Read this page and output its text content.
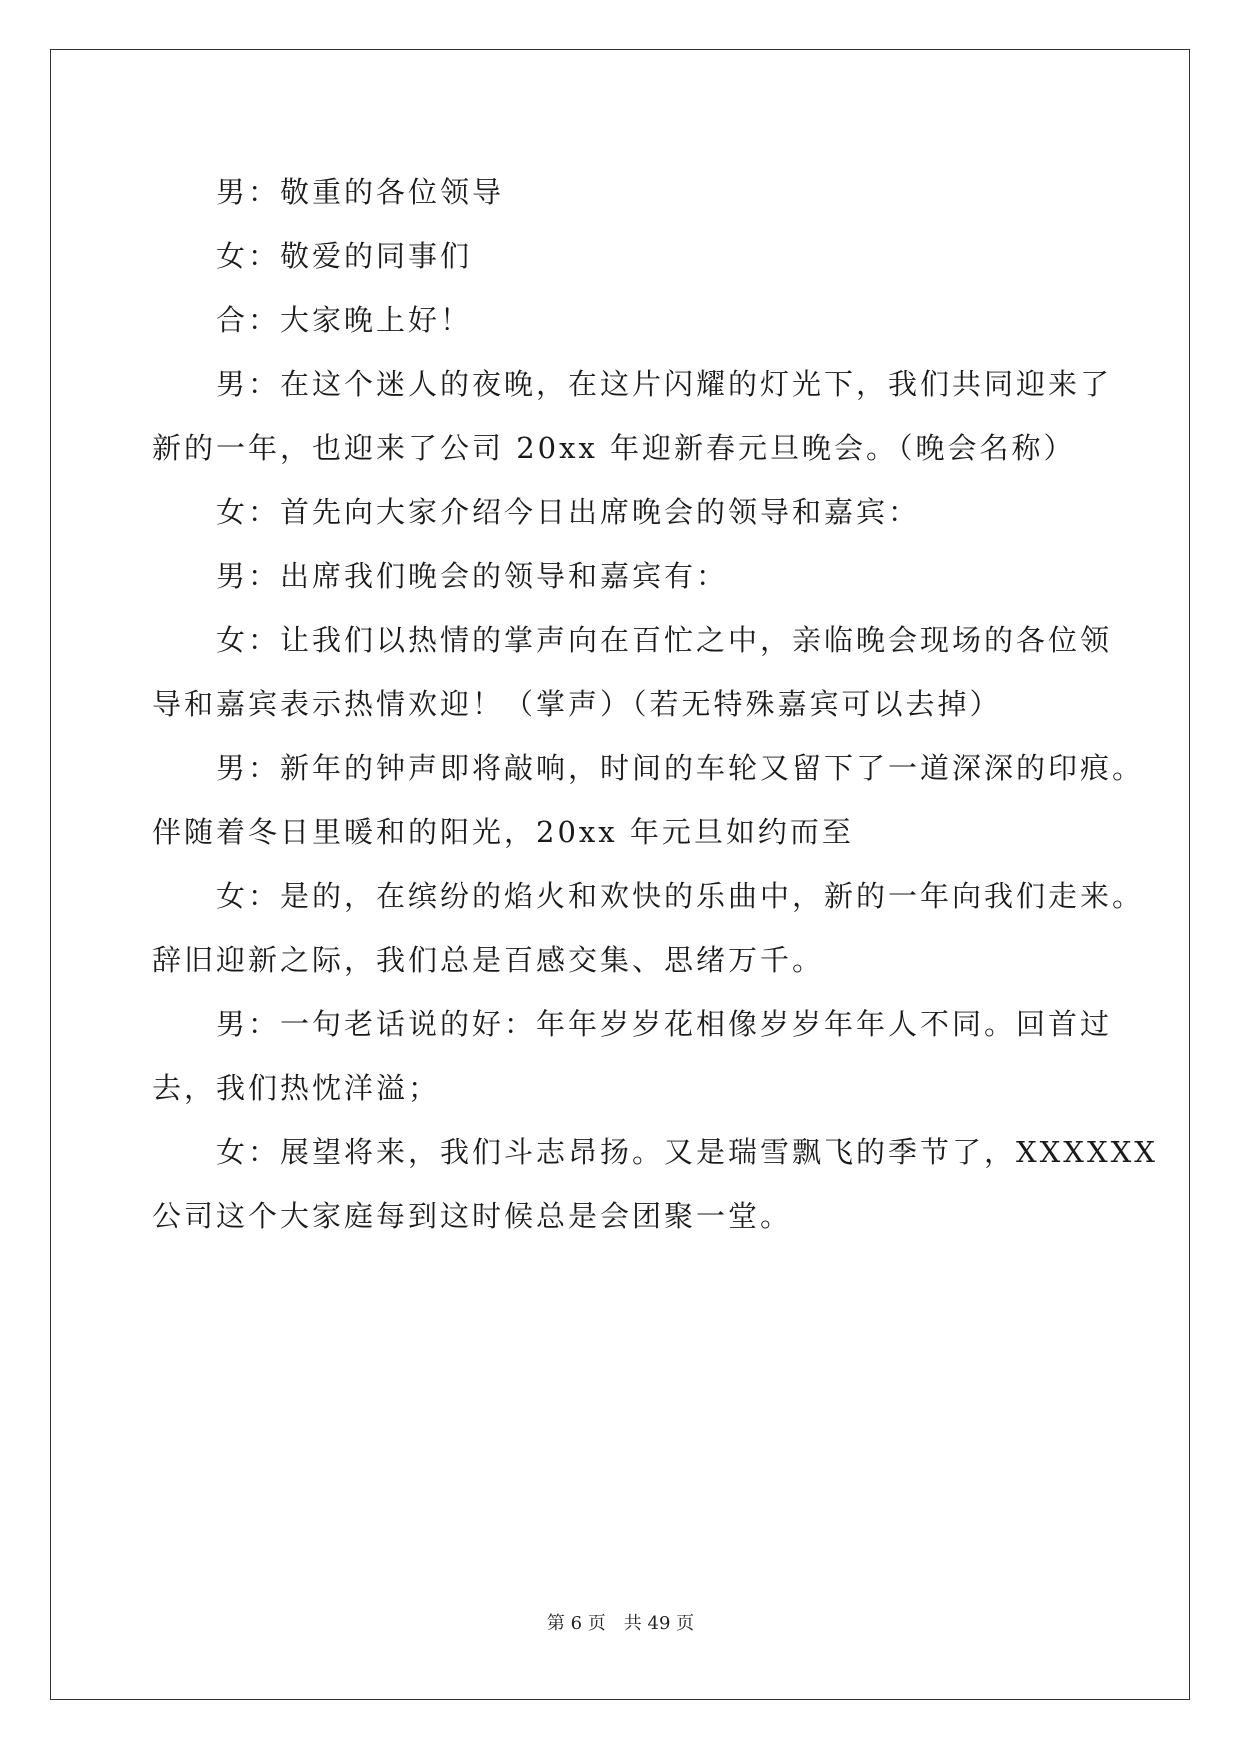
男：敬重的各位领导

女：敬爱的同事们

合：大家晚上好！

男：在这个迷人的夜晚，在这片闪耀的灯光下，我们共同迎来了
新的一年，也迎来了公司 20xx 年迎新春元旦晚会。（晚会名称）

女：首先向大家介绍今日出席晚会的领导和嘉宾：

男：出席我们晚会的领导和嘉宾有：

女：让我们以热情的掌声向在百忙之中，亲临晚会现场的各位领
导和嘉宾表示热情欢迎！（掌声）（若无特殊嘉宾可以去掉）

男：新年的钟声即将敲响，时间的车轮又留下了一道深深的印痕。
伴随着冬日里暖和的阳光，20xx 年元旦如约而至

女：是的，在缤纷的焰火和欢快的乐曲中，新的一年向我们走来。
辞旧迎新之际，我们总是百感交集、思绪万千。

男：一句老话说的好：年年岁岁花相像岁岁年年人不同。回首过
去，我们热忱洋溢；

女：展望将来，我们斗志昂扬。又是瑞雪飘飞的季节了，XXXXXX
公司这个大家庭每到这时候总是会团聚一堂。

第 6 页　共 49 页
